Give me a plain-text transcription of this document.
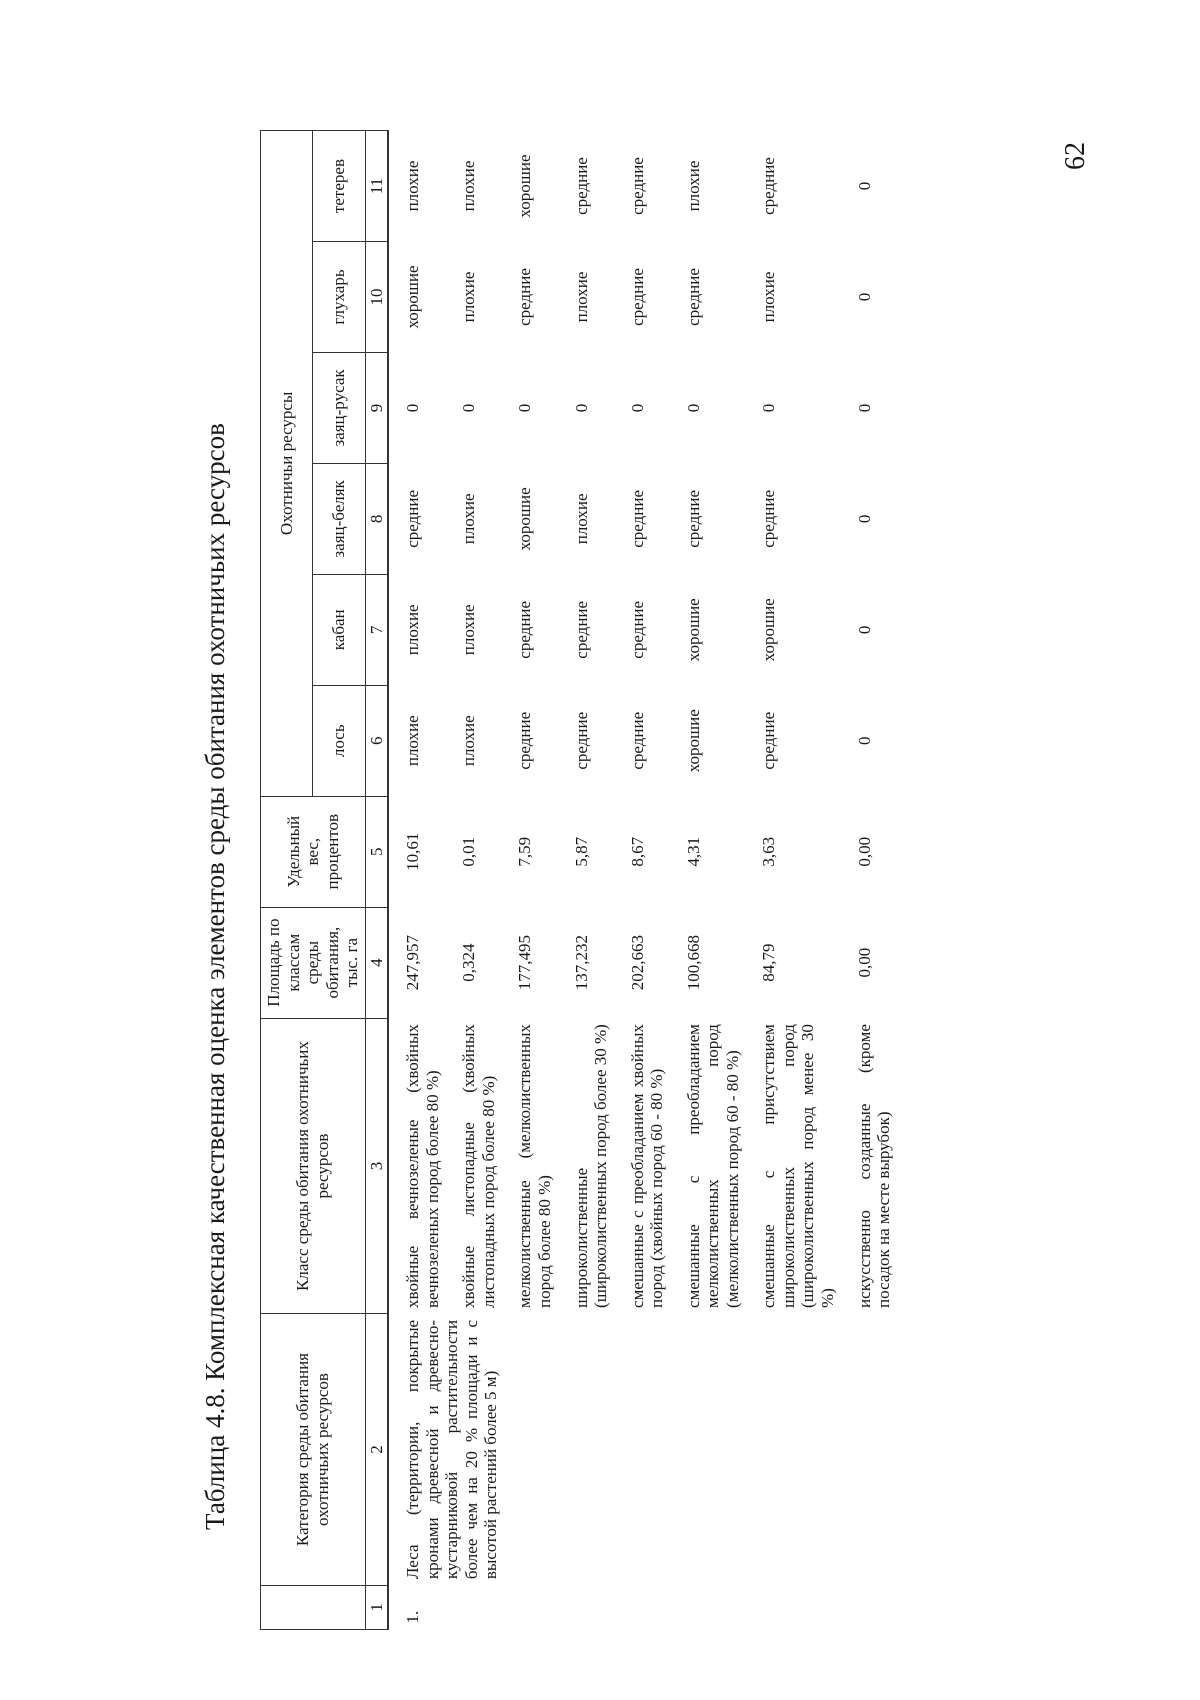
62
Таблица 4.8. Комплексная качественная оценка элементов среды обитания охотничьих ресурсов
		Категория среды обитания охотничьих ресурсов	Класс среды обитания охотничьих ресурсов	Площадь по классам среды обитания, тыс. га	Удельный вес, процентов	Охотничьи ресурсы					
					лось	кабан	заяц-беляк	заяц-русак	глухарь	тетерев
1	2	3	4	5	6	7	8	9	10	11
1.	Леса (территории, покрытые кронами древесной и древесно-кустарниковой растительности более чем на 20 % площади и с высотой растений более 5 м)	хвойные вечнозеленые (хвойных вечнозеленых пород более 80 %)	247,957	10,61	плохие	плохие	средние	0	хорошие	плохие
		хвойные листопадные (хвойных листопадных пород более 80 %)	0,324	0,01	плохие	плохие	плохие	0	плохие	плохие
		мелколиственные (мелколиственных пород более 80 %)	177,495	7,59	средние	средние	хорошие	0	средние	хорошие
		широколиственные (широколиственных пород более 30 %)	137,232	5,87	средние	средние	плохие	0	плохие	средние
		смешанные с преобладанием хвойных пород (хвойных пород 60 - 80 %)	202,663	8,67	средние	средние	средние	0	средние	средние
		смешанные с преобладанием мелколиственных пород (мелколиственных пород 60 - 80 %)	100,668	4,31	хорошие	хорошие	средние	0	средние	плохие
		смешанные с присутствием широколиственных пород (широколиственных пород менее 30 %)	84,79	3,63	средние	хорошие	средние	0	плохие	средние
		искусственно созданные (кроме посадок на месте вырубок)	0,00	0,00	0	0	0	0	0	0
